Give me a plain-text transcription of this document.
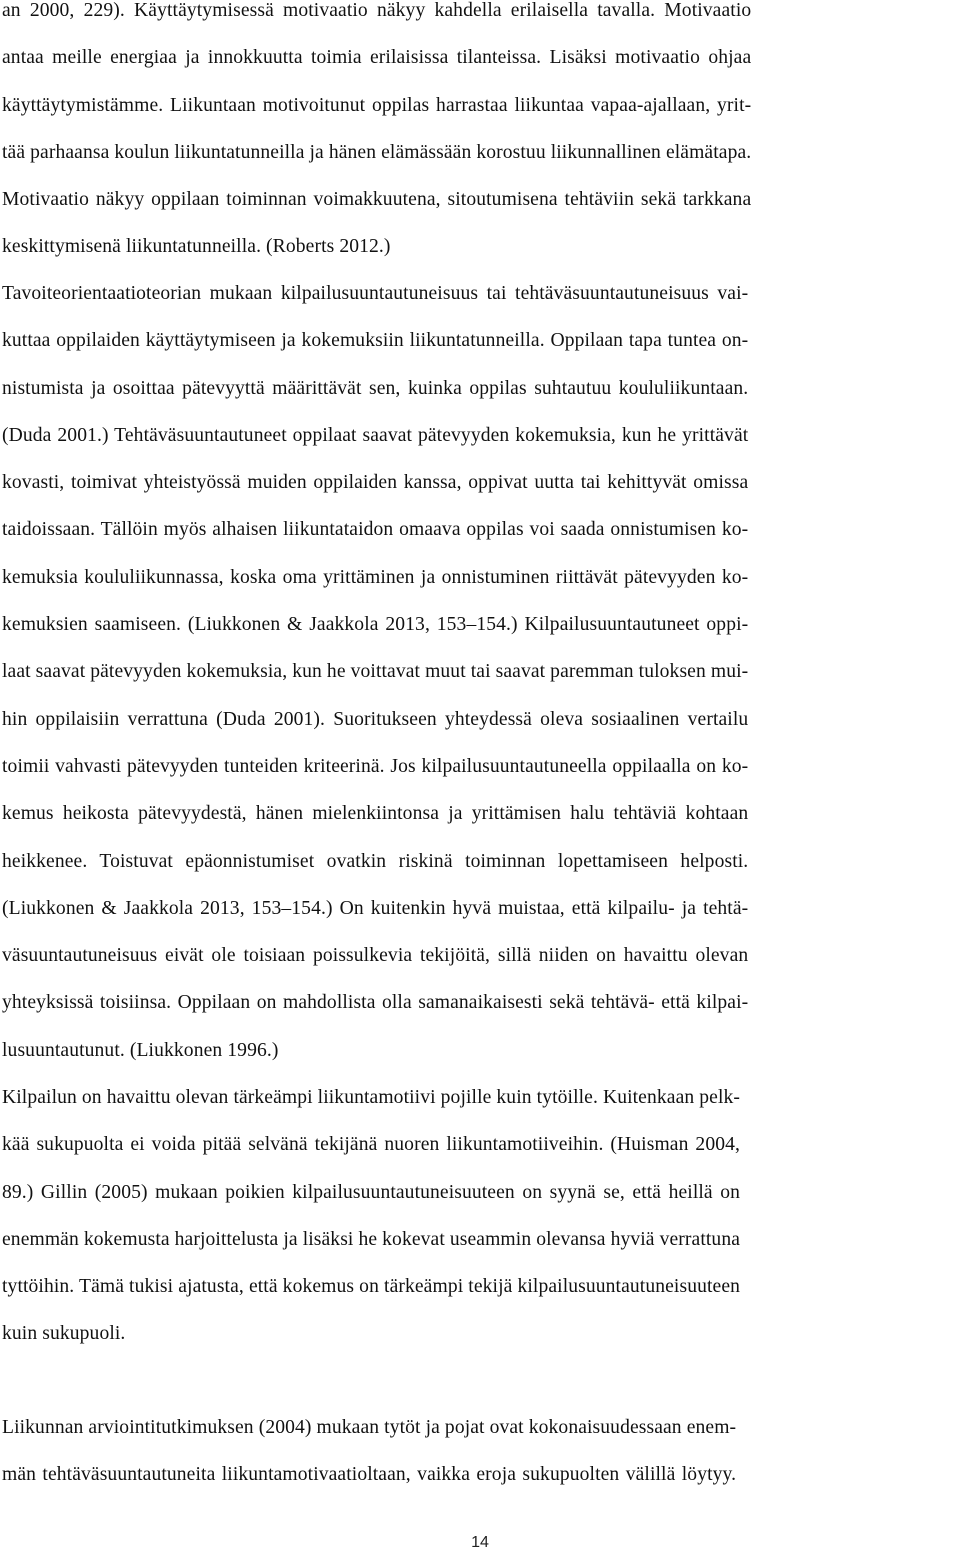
an 2000, 229). Käyttäytymisessä motivaatio näkyy kahdella erilaisella tavalla. Motivaatio
antaa meille energiaa ja innokkuutta toimia erilaisissa tilanteissa. Lisäksi motivaatio ohjaa
käyttäytymistämme. Liikuntaan motivoitunut oppilas harrastaa liikuntaa vapaa-ajallaan, yrit-
tää parhaansa koulun liikuntatunneilla ja hänen elämässään korostuu liikunnallinen elämätapa.
Motivaatio näkyy oppilaan toiminnan voimakkuutena, sitoutumisena tehtäviin sekä tarkkana
keskittymisenä liikuntatunneilla. (Roberts 2012.)

Tavoiteorientaatioteorian mukaan kilpailusuuntautuneisuus tai tehtäväsuuntautuneisuus vai-
kuttaa oppilaiden käyttäytymiseen ja kokemuksiin liikuntatunneilla. Oppilaan tapa tuntea on-
nistumista ja osoittaa pätevyyttä määrittävät sen, kuinka oppilas suhtautuu koululiikuntaan.
(Duda 2001.) Tehtäväsuuntautuneet oppilaat saavat pätevyyden kokemuksia, kun he yrittävät
kovasti, toimivat yhteistyössä muiden oppilaiden kanssa, oppivat uutta tai kehittyvät omissa
taidoissaan. Tällöin myös alhaisen liikuntataidon omaava oppilas voi saada onnistumisen ko-
kemuksia koululiikunnassa, koska oma yrittäminen ja onnistuminen riittävät pätevyyden ko-
kemuksien saamiseen. (Liukkonen & Jaakkola 2013, 153–154.) Kilpailusuuntautuneet oppi-
laat saavat pätevyyden kokemuksia, kun he voittavat muut tai saavat paremman tuloksen mui-
hin oppilaisiin verrattuna (Duda 2001). Suoritukseen yhteydessä oleva sosiaalinen vertailu
toimii vahvasti pätevyyden tunteiden kriteerinä. Jos kilpailusuuntautuneella oppilaalla on ko-
kemus heikosta pätevyydestä, hänen mielenkiintonsa ja yrittämisen halu tehtäviä kohtaan
heikkenee. Toistuvat epäonnistumiset ovatkin riskinä toiminnan lopettamiseen helposti.
(Liukkonen & Jaakkola 2013, 153–154.) On kuitenkin hyvä muistaa, että kilpailu- ja tehtä-
väsuuntautuneisuus eivät ole toisiaan poissulkevia tekijöitä, sillä niiden on havaittu olevan
yhteyksissä toisiinsa. Oppilaan on mahdollista olla samanaikaisesti sekä tehtävä- että kilpai-
lusuuntautunut. (Liukkonen 1996.)

Kilpailun on havaittu olevan tärkeämpi liikuntamotiivi pojille kuin tytöille. Kuitenkaan pelk-
kää sukupuolta ei voida pitää selvänä tekijänä nuoren liikuntamotiiveihin. (Huisman 2004,
89.) Gillin (2005) mukaan poikien kilpailusuuntautuneisuuteen on syynä se, että heillä on
enemmän kokemusta harjoittelusta ja lisäksi he kokevat useammin olevansa hyviä verrattuna
tyttöihin. Tämä tukisi ajatusta, että kokemus on tärkeämpi tekijä kilpailusuuntautuneisuuteen
kuin sukupuoli.

Liikunnan arviointitutkimuksen (2004) mukaan tytöt ja pojat ovat kokonaisuudessaan enem-
män tehtäväsuuntautuneita liikuntamotivaatioltaan, vaikka eroja sukupuolten välillä löytyy.

14
